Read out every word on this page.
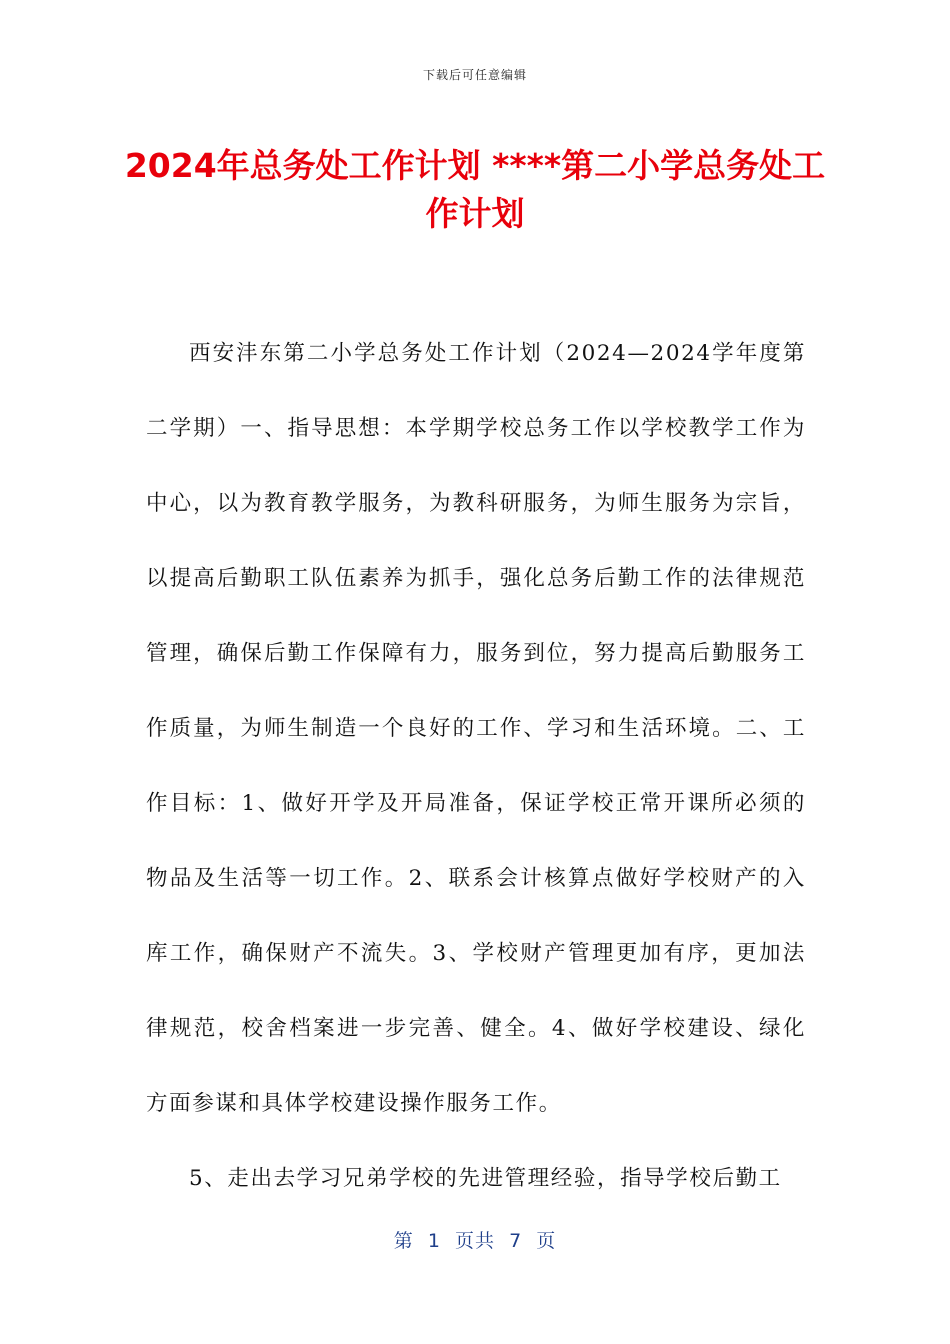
下载后可任意编辑
2024年总务处工作计划 ****第二小学总务处工作计划

西安沣东第二小学总务处工作计划（2024—2024学年度第二学期）一、指导思想：本学期学校总务工作以学校教学工作为中心，以为教育教学服务，为教科研服务，为师生服务为宗旨，以提高后勤职工队伍素养为抓手，强化总务后勤工作的法律规范管理，确保后勤工作保障有力，服务到位，努力提高后勤服务工作质量，为师生制造一个良好的工作、学习和生活环境。二、工作目标：1、做好开学及开局准备，保证学校正常开课所必须的物品及生活等一切工作。2、联系会计核算点做好学校财产的入库工作，确保财产不流失。3、学校财产管理更加有序，更加法律规范，校舍档案进一步完善、健全。4、做好学校建设、绿化方面参谋和具体学校建设操作服务工作。

5、走出去学习兄弟学校的先进管理经验，指导学校后勤工

第  1  页共  7  页
